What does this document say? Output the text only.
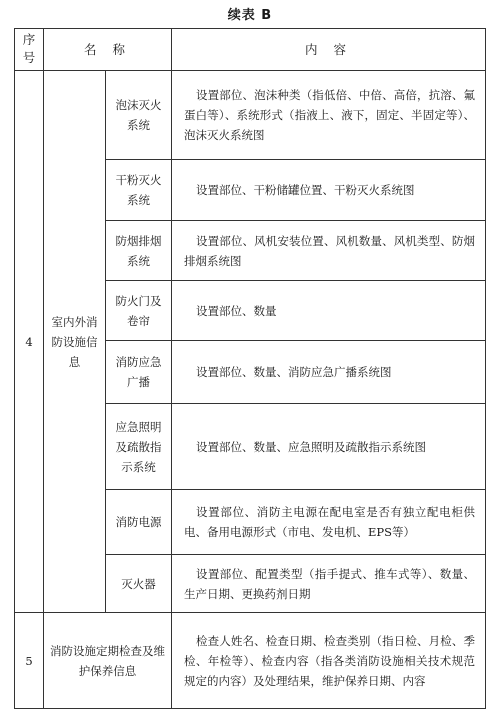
续表 B
序号	名 称		内 容
4	室内外消防设施信息	泡沫灭火系统	设置部位、泡沫种类（指低倍、中倍、高倍，抗溶、氟蛋白等）、系统形式（指液上、液下，固定、半固定等）、泡沫灭火系统图
		干粉灭火系统	设置部位、干粉储罐位置、干粉灭火系统图
		防烟排烟系统	设置部位、风机安装位置、风机数量、风机类型、防烟排烟系统图
		防火门及卷帘	设置部位、数量
		消防应急广播	设置部位、数量、消防应急广播系统图
		应急照明及疏散指示系统	设置部位、数量、应急照明及疏散指示系统图
		消防电源	设置部位、消防主电源在配电室是否有独立配电柜供电、备用电源形式（市电、发电机、EPS等）
		灭火器	设置部位、配置类型（指手提式、推车式等）、数量、生产日期、更换药剂日期
5	消防设施定期检查及维护保养信息		检查人姓名、检查日期、检查类别（指日检、月检、季检、年检等）、检查内容（指各类消防设施相关技术规范规定的内容）及处理结果，维护保养日期、内容
